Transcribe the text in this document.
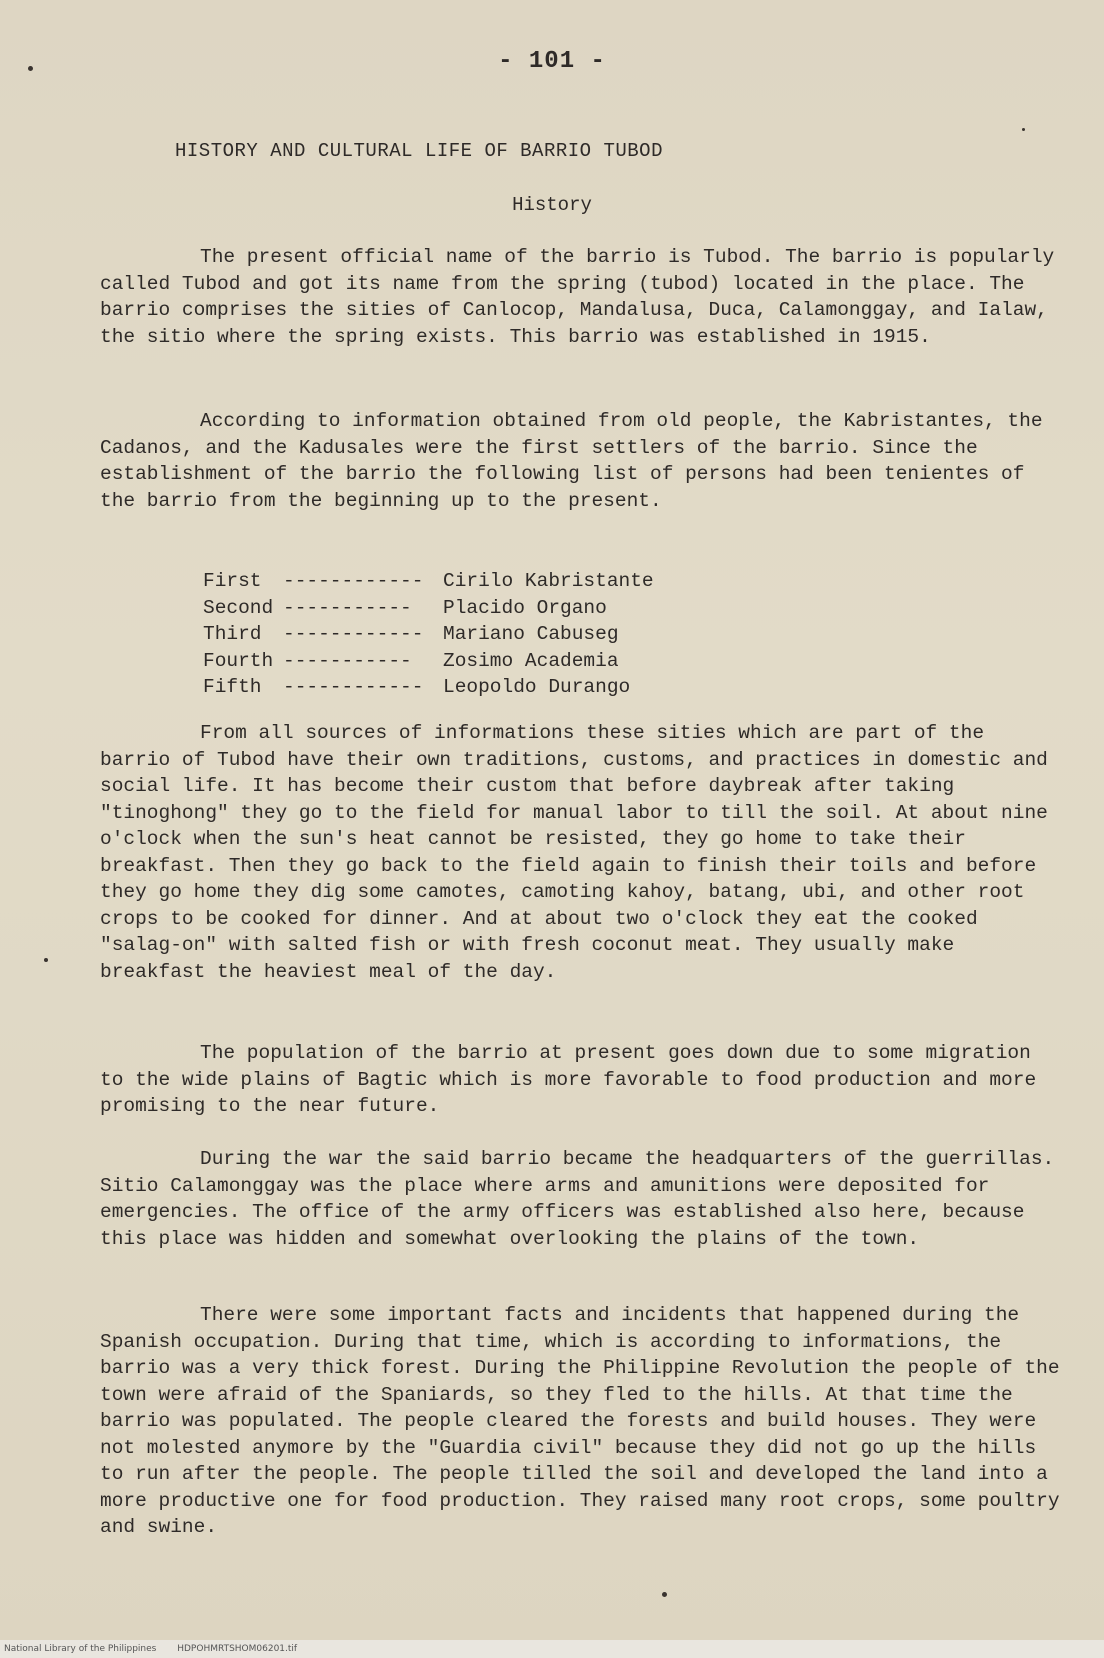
- 101 -
HISTORY AND CULTURAL LIFE OF BARRIO TUBOD
History

The present official name of the barrio is Tubod. The barrio is popularly called Tubod and got its name from the spring (tubod) located in the place. The barrio comprises the sities of Canlocop, Mandalusa, Duca, Calamonggay, and Ialaw, the sitio where the spring exists. This barrio was established in 1915.

According to information obtained from old people, the Kabristantes, the Cadanos, and the Kadusales were the first settlers of the barrio. Since the establishment of the barrio the following list of persons had been tenientes of the barrio from the beginning up to the present.

First	------------	Cirilo Kabristante
Second -----------	Placido Organo
Third	------------	Mariano Cabuseg
Fourth -----------	Zosimo Academia
Fifth	------------	Leopoldo Durango

From all sources of informations these sities which are part of the barrio of Tubod have their own traditions, customs, and practices in domestic and social life. It has become their custom that before daybreak after taking "tinoghong" they go to the field for manual labor to till the soil. At about nine o'clock when the sun's heat cannot be resisted, they go home to take their breakfast. Then they go back to the field again to finish their toils and before they go home they dig some camotes, camoting kahoy, batang, ubi, and other root crops to be cooked for dinner. And at about two o'clock they eat the cooked "salag-on" with salted fish or with fresh coconut meat. They usually make breakfast the heaviest meal of the day.

The population of the barrio at present goes down due to some migration to the wide plains of Bagtic which is more favorable to food production and more promising to the near future.

During the war the said barrio became the headquarters of the guerrillas. Sitio Calamonggay was the place where arms and amunitions were deposited for emergencies. The office of the army officers was established also here, because this place was hidden and somewhat overlooking the plains of the town.

There were some important facts and incidents that happened during the Spanish occupation. During that time, which is according to informations, the barrio was a very thick forest. During the Philippine Revolution the people of the town were afraid of the Spaniards, so they fled to the hills. At that time the barrio was populated. The people cleared the forests and build houses. They were not molested anymore by the "Guardia civil" because they did not go up the hills to run after the people. The people tilled the soil and developed the land into a more productive one for food production. They raised many root crops, some poultry and swine.

National Library of the Philippines HDPOHMRTSHOM06201.tif
